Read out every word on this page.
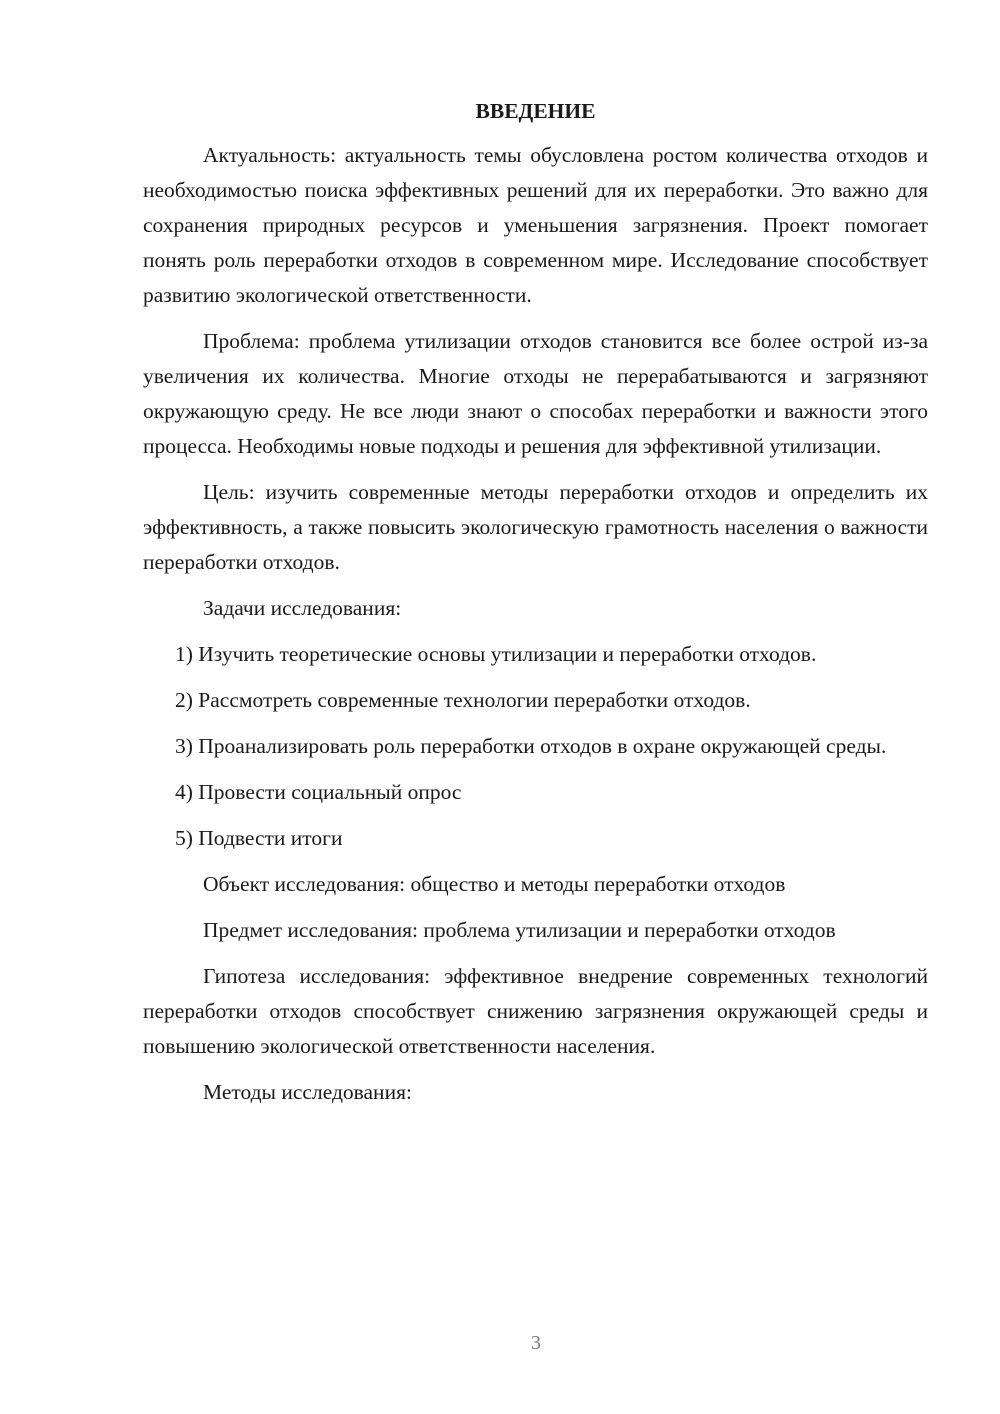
ВВЕДЕНИЕ

Актуальность: актуальность темы обусловлена ростом количества отходов и необходимостью поиска эффективных решений для их переработки. Это важно для сохранения природных ресурсов и уменьшения загрязнения. Проект помогает понять роль переработки отходов в современном мире. Исследование способствует развитию экологической ответственности.

Проблема: проблема утилизации отходов становится все более острой из-за увеличения их количества. Многие отходы не перерабатываются и загрязняют окружающую среду. Не все люди знают о способах переработки и важности этого процесса. Необходимы новые подходы и решения для эффективной утилизации.

Цель: изучить современные методы переработки отходов и определить их эффективность, а также повысить экологическую грамотность населения о важности переработки отходов.

Задачи исследования:

1) Изучить теоретические основы утилизации и переработки отходов.

2) Рассмотреть современные технологии переработки отходов.

3) Проанализировать роль переработки отходов в охране окружающей среды.

4) Провести социальный опрос

5) Подвести итоги

Объект исследования: общество и методы переработки отходов

Предмет исследования: проблема утилизации и переработки отходов

Гипотеза исследования: эффективное внедрение современных технологий переработки отходов способствует снижению загрязнения окружающей среды и повышению экологической ответственности населения.

Методы исследования:

3
